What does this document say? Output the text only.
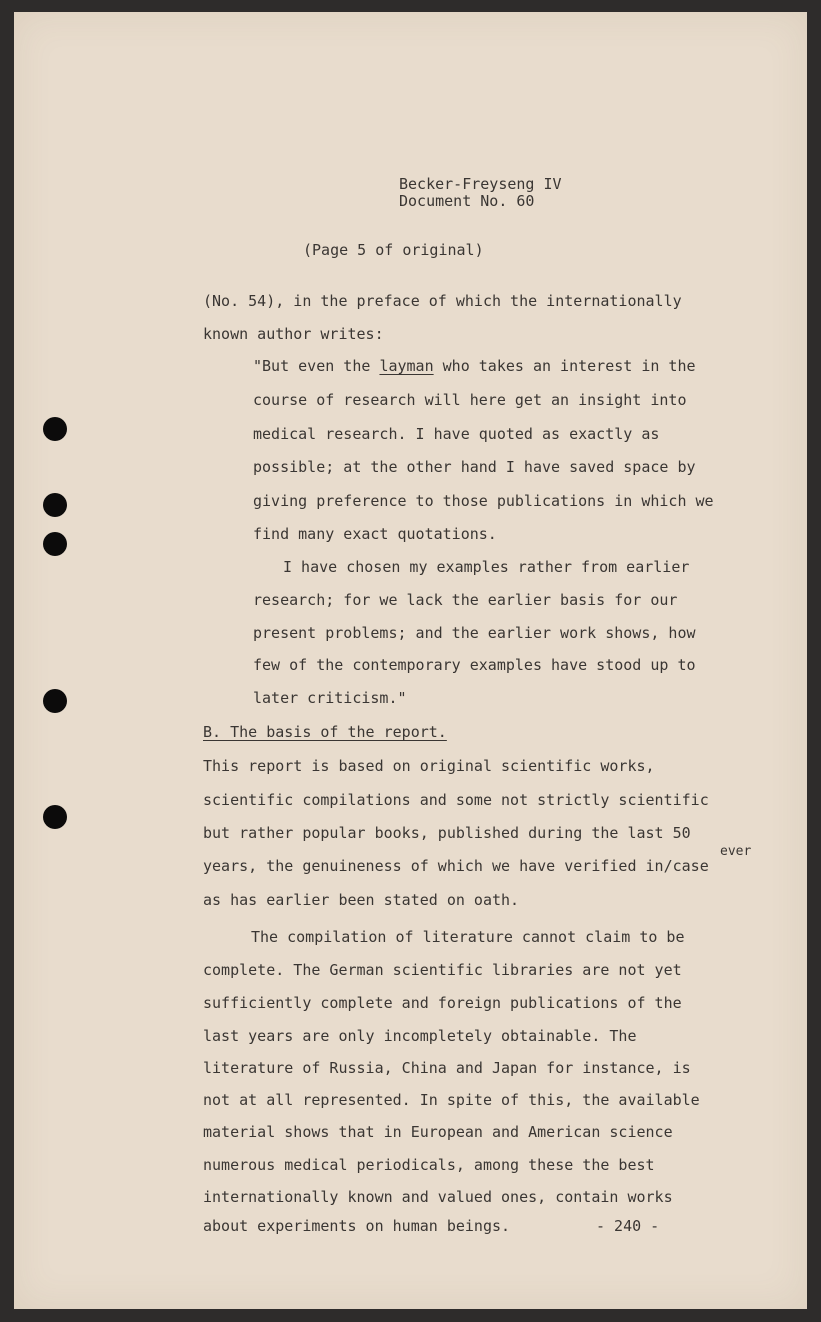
Becker-Freyseng IV
Document No. 60
(Page 5 of original)
(No. 54), in the preface of which the internationally
known author writes:
"But even the layman who takes an interest in the
course of research will here get an insight into
medical research. I have quoted as exactly as
possible; at the other hand I have saved space by
giving preference to those publications in which we
find many exact quotations.
I have chosen my examples rather from earlier
research; for we lack the earlier basis for our
present problems; and the earlier work shows, how
few of the contemporary examples have stood up to
later criticism."
B. The basis of the report.
This report is based on original scientific works,
scientific compilations and some not strictly scientific
but rather popular books, published during the last 50
ever
years, the genuineness of which we have verified in/case
as has earlier been stated on oath.
The compilation of literature cannot claim to be
complete. The German scientific libraries are not yet
sufficiently complete and foreign publications of the
last years are only incompletely obtainable. The
literature of Russia, China and Japan for instance, is
not at all represented. In spite of this, the available
material shows that in European and American science
numerous medical periodicals, among these the best
internationally known and valued ones, contain works
about experiments on human beings.	- 240 -
